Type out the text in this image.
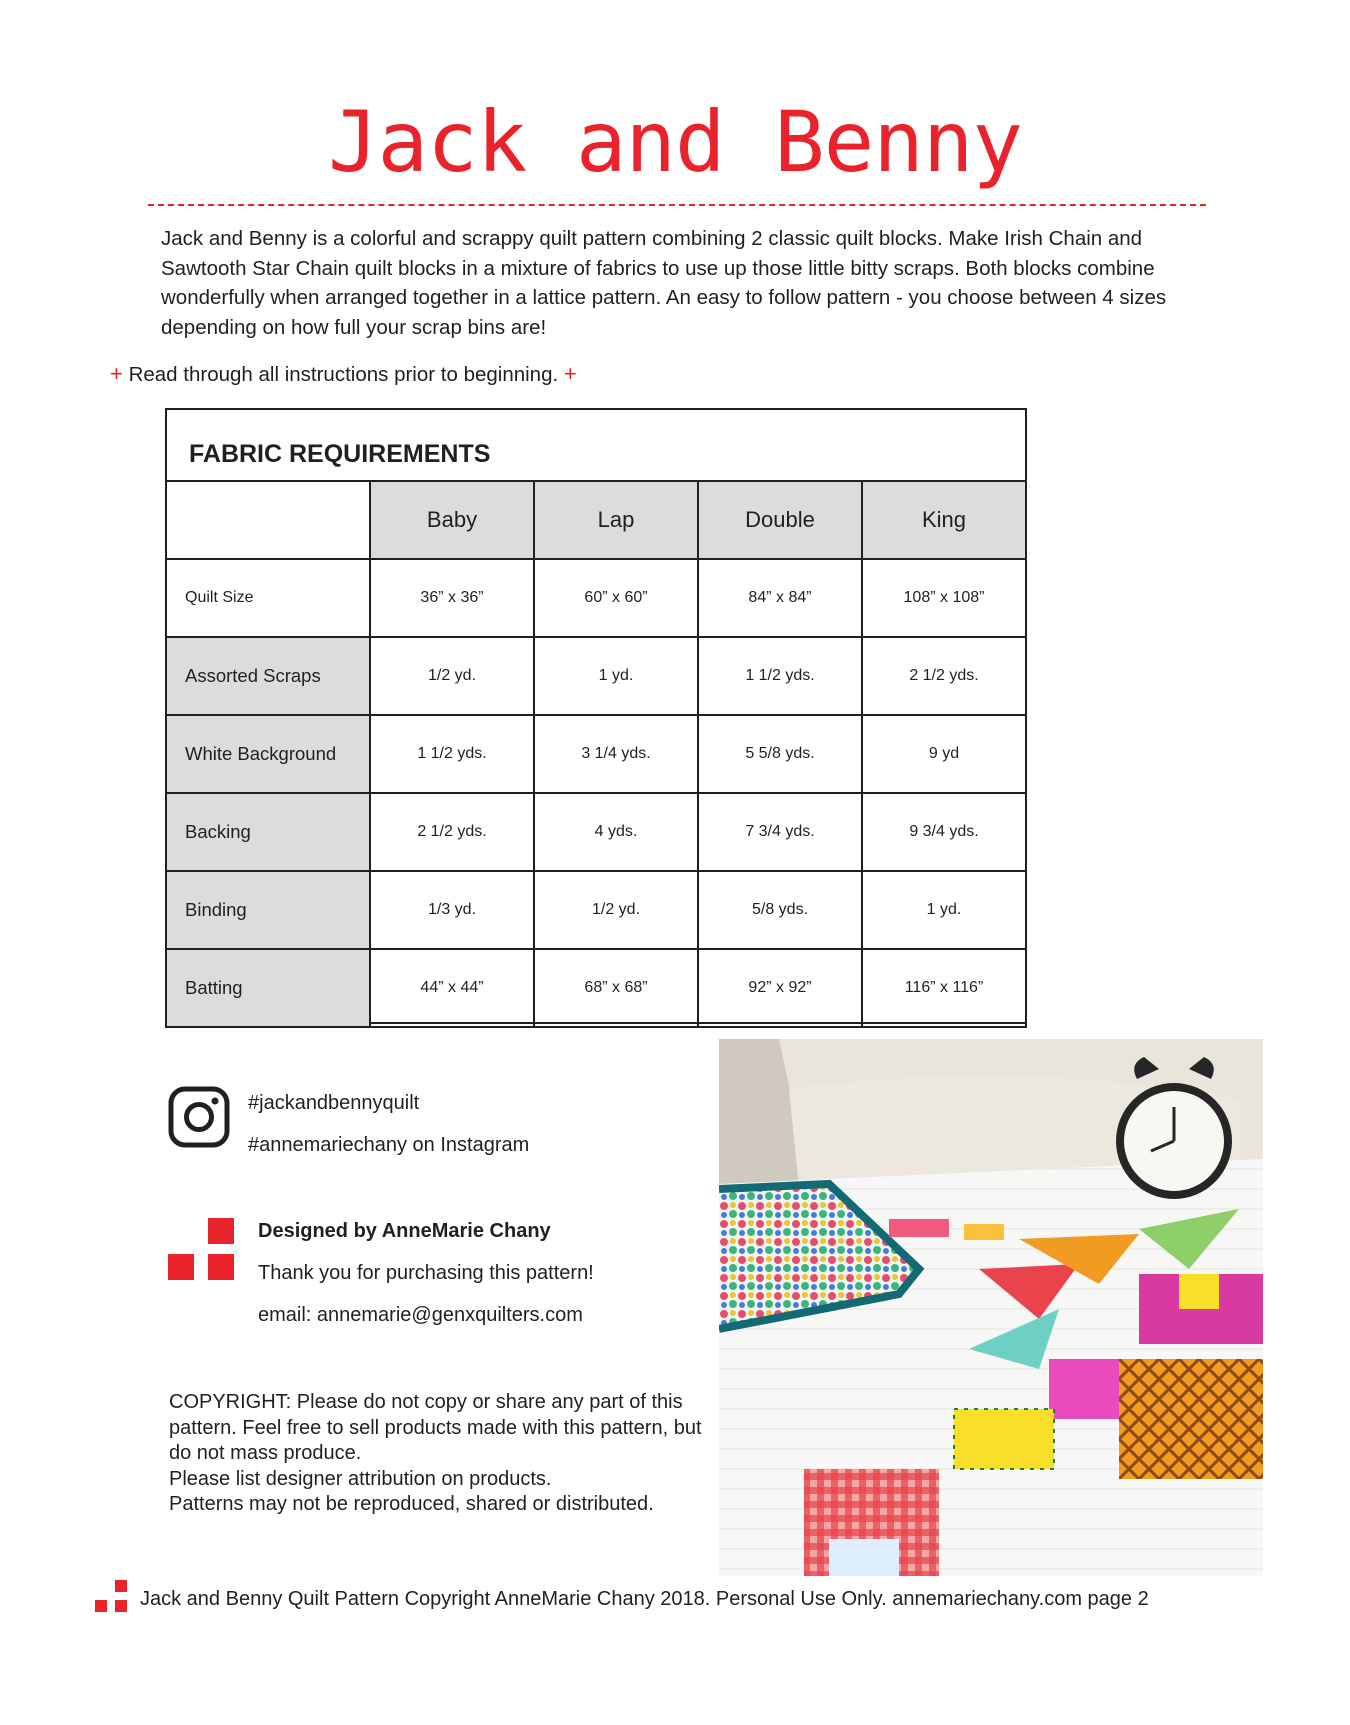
Jack and Benny
Jack and Benny is a colorful and scrappy quilt pattern combining 2 classic quilt blocks. Make Irish Chain and Sawtooth Star Chain quilt blocks in a mixture of fabrics to use up those little bitty scraps. Both blocks combine wonderfully when arranged together in a lattice pattern. An easy to follow pattern - you choose between 4 sizes depending on how full your scrap bins are!
+ Read through all instructions prior to beginning. +
FABRIC REQUIREMENTS
	Baby	Lap	Double	King
Quilt Size	36” x 36”	60” x 60”	84” x 84”	108” x 108”
Assorted Scraps	1/2 yd.	1 yd.	1 1/2 yds.	2 1/2 yds.
White Background	1 1/2 yds.	3 1/4 yds.	5 5/8 yds.	9 yd
Backing	2 1/2 yds.	4 yds.	7 3/4 yds.	9 3/4 yds.
Binding	1/3 yd.	1/2 yd.	5/8 yds.	1 yd.
Batting	44” x 44”	68” x 68”	92” x 92”	116” x 116”
#jackandbennyquilt
#annemariechany on Instagram
Designed by AnneMarie Chany
Thank you for purchasing this pattern!
email: annemarie@genxquilters.com
COPYRIGHT: Please do not copy or share any part of this pattern. Feel free to sell products made with this pattern, but do not mass produce.
Please list designer attribution on products.
Patterns may not be reproduced, shared or distributed.
Jack and Benny Quilt Pattern Copyright AnneMarie Chany 2018. Personal Use Only. annemariechany.com page 2
